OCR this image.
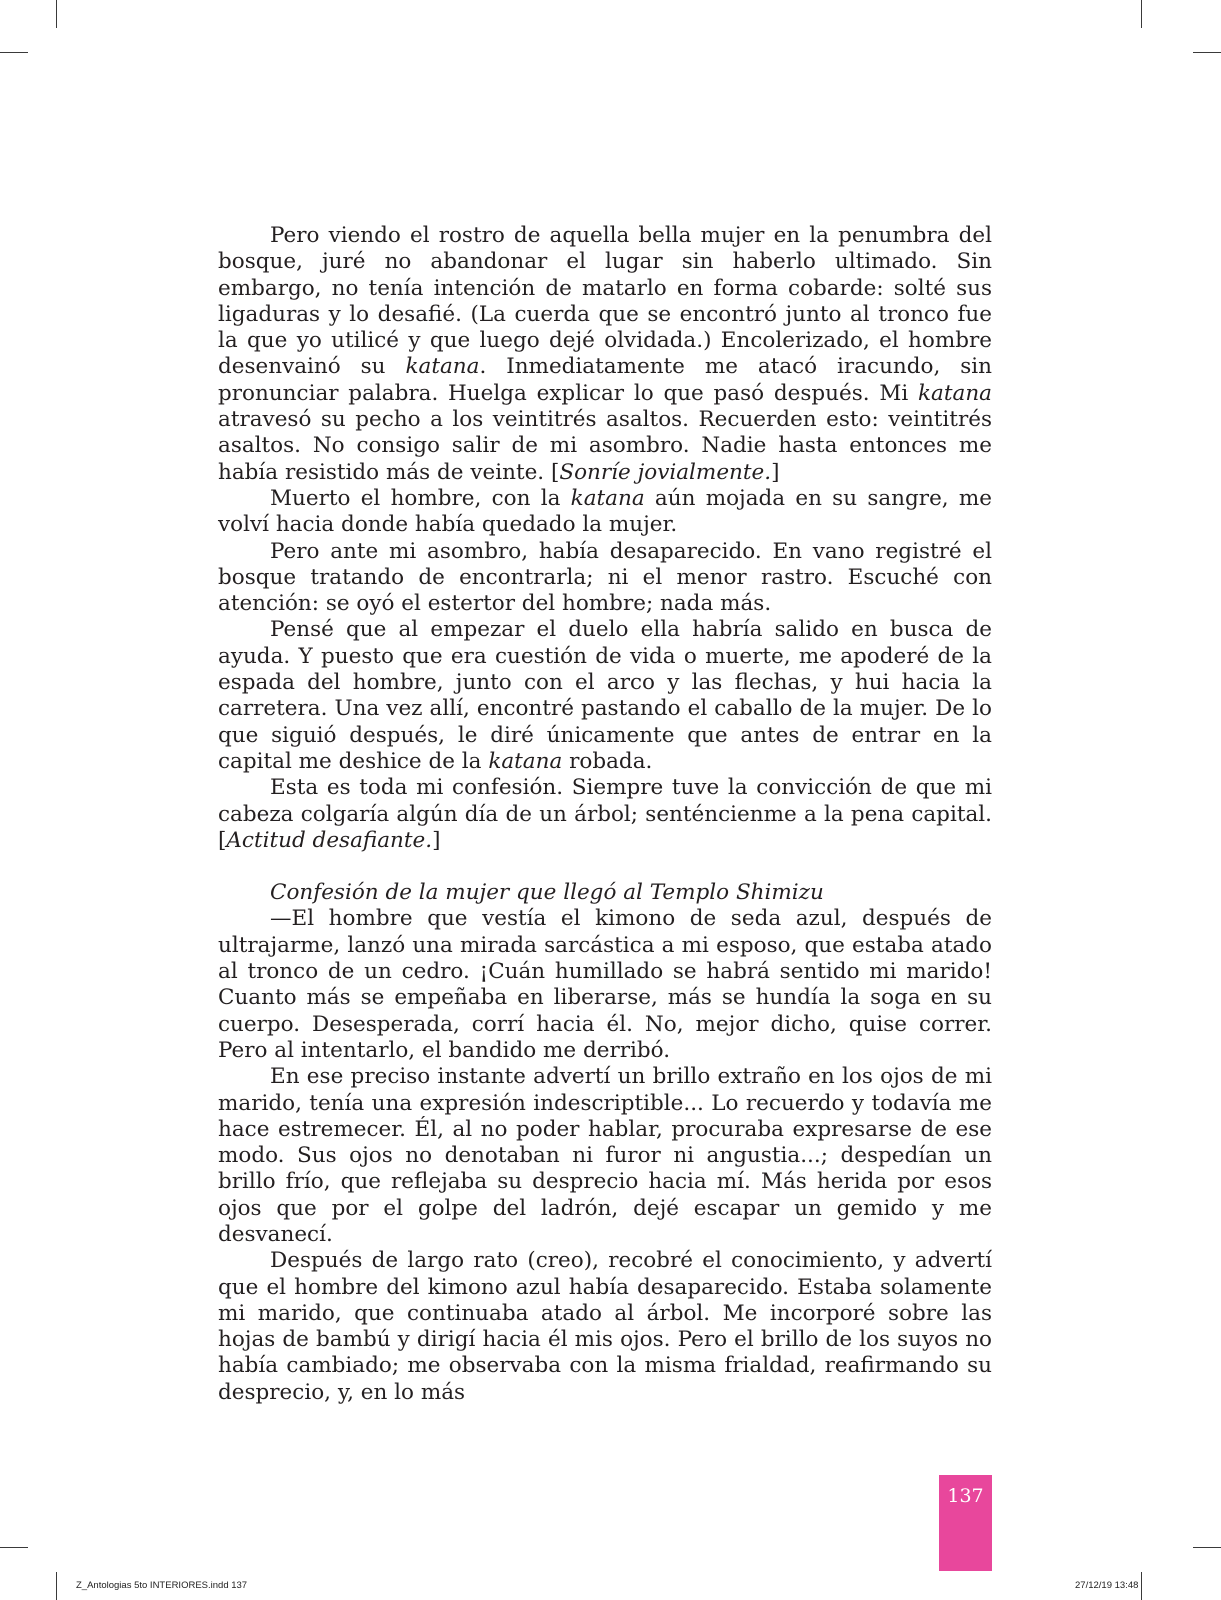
Pero viendo el rostro de aquella bella mujer en la penumbra del bosque, juré no abandonar el lugar sin haberlo ultimado. Sin embargo, no tenía intención de matarlo en forma cobarde: solté sus ligaduras y lo desafié. (La cuerda que se encontró junto al tronco fue la que yo utilicé y que luego dejé olvidada.) Encolerizado, el hombre desenvainó su katana. Inmediatamente me atacó iracundo, sin pronunciar palabra. Huelga explicar lo que pasó después. Mi katana atravesó su pecho a los veintitrés asaltos. Recuerden esto: veintitrés asaltos. No consigo salir de mi asombro. Nadie hasta entonces me había resistido más de veinte. [Sonríe jovialmente.]

Muerto el hombre, con la katana aún mojada en su sangre, me volví hacia donde había quedado la mujer.

Pero ante mi asombro, había desaparecido. En vano registré el bosque tratando de encontrarla; ni el menor rastro. Escuché con atención: se oyó el estertor del hombre; nada más.

Pensé que al empezar el duelo ella habría salido en busca de ayuda. Y puesto que era cuestión de vida o muerte, me apoderé de la espada del hombre, junto con el arco y las flechas, y hui hacia la carretera. Una vez allí, encontré pastando el caballo de la mujer. De lo que siguió después, le diré únicamente que antes de entrar en la capital me deshice de la katana robada.

Esta es toda mi confesión. Siempre tuve la convicción de que mi cabeza colgaría algún día de un árbol; senténcienme a la pena capital. [Actitud desafiante.]

Confesión de la mujer que llegó al Templo Shimizu

—El hombre que vestía el kimono de seda azul, después de ultrajarme, lanzó una mirada sarcástica a mi esposo, que estaba atado al tronco de un cedro. ¡Cuán humillado se habrá sentido mi marido! Cuanto más se empeñaba en liberarse, más se hundía la soga en su cuerpo. Desesperada, corrí hacia él. No, mejor dicho, quise correr. Pero al intentarlo, el bandido me derribó.

En ese preciso instante advertí un brillo extraño en los ojos de mi marido, tenía una expresión indescriptible... Lo recuerdo y todavía me hace estremecer. Él, al no poder hablar, procuraba expresarse de ese modo. Sus ojos no denotaban ni furor ni angustia...; despedían un brillo frío, que reflejaba su desprecio hacia mí. Más herida por esos ojos que por el golpe del ladrón, dejé escapar un gemido y me desvanecí.

Después de largo rato (creo), recobré el conocimiento, y advertí que el hombre del kimono azul había desaparecido. Estaba solamente mi marido, que continuaba atado al árbol. Me incorporé sobre las hojas de bambú y dirigí hacia él mis ojos. Pero el brillo de los suyos no había cambiado; me observaba con la misma frialdad, reafirmando su desprecio, y, en lo más

137
Z_Antologias 5to INTERIORES.indd 137	27/12/19 13:48
